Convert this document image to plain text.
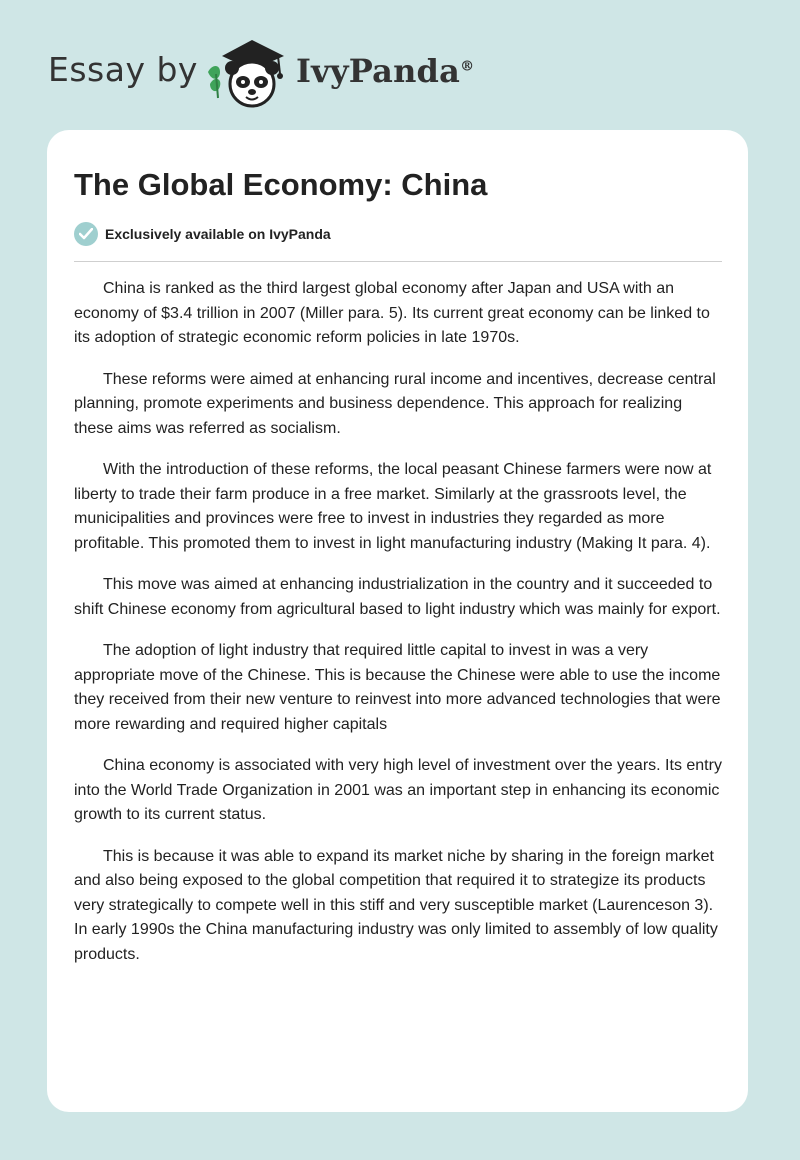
Essay by	IvyPanda®
The Global Economy: China
Exclusively available on IvyPanda

China is ranked as the third largest global economy after Japan and USA with an economy of $3.4 trillion in 2007 (Miller para. 5). Its current great economy can be linked to its adoption of strategic economic reform policies in late 1970s.

These reforms were aimed at enhancing rural income and incentives, decrease central planning, promote experiments and business dependence. This approach for realizing these aims was referred as socialism.

With the introduction of these reforms, the local peasant Chinese farmers were now at liberty to trade their farm produce in a free market. Similarly at the grassroots level, the municipalities and provinces were free to invest in industries they regarded as more profitable. This promoted them to invest in light manufacturing industry (Making It para. 4).

This move was aimed at enhancing industrialization in the country and it succeeded to shift Chinese economy from agricultural based to light industry which was mainly for export.

The adoption of light industry that required little capital to invest in was a very appropriate move of the Chinese. This is because the Chinese were able to use the income they received from their new venture to reinvest into more advanced technologies that were more rewarding and required higher capitals

China economy is associated with very high level of investment over the years. Its entry into the World Trade Organization in 2001 was an important step in enhancing its economic growth to its current status.

This is because it was able to expand its market niche by sharing in the foreign market and also being exposed to the global competition that required it to strategize its products very strategically to compete well in this stiff and very susceptible market (Laurenceson 3). In early 1990s the China manufacturing industry was only limited to assembly of low quality products.
